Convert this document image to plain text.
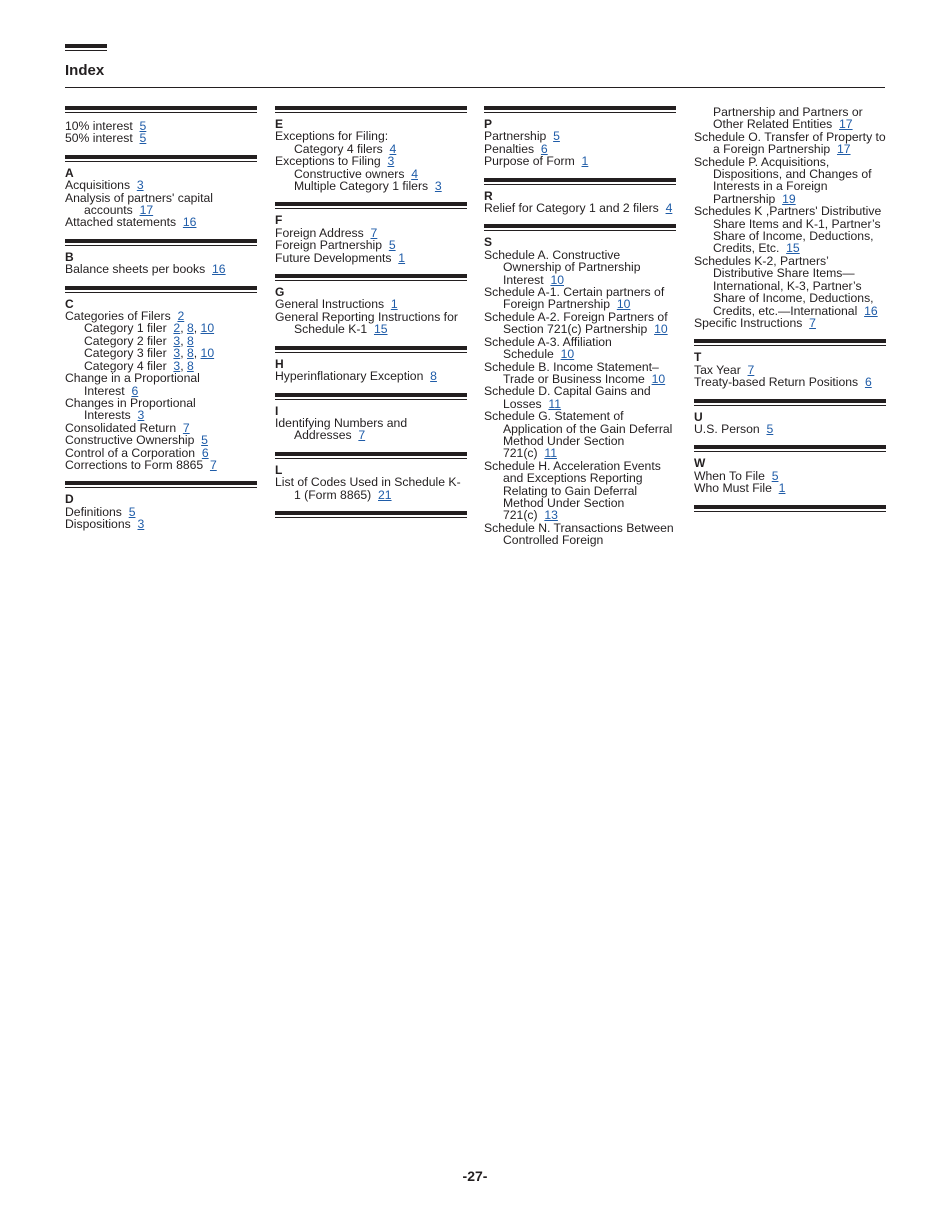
Index
10% interest 5
50% interest 5
A
Acquisitions 3
Analysis of partners' capital accounts 17
Attached statements 16
B
Balance sheets per books 16
C
Categories of Filers 2
Category 1 filer 2, 8, 10
Category 2 filer 3, 8
Category 3 filer 3, 8, 10
Category 4 filer 3, 8
Change in a Proportional Interest 6
Changes in Proportional Interests 3
Consolidated Return 7
Constructive Ownership 5
Control of a Corporation 6
Corrections to Form 8865 7
D
Definitions 5
Dispositions 3
E
Exceptions for Filing:
Category 4 filers 4
Exceptions to Filing 3
Constructive owners 4
Multiple Category 1 filers 3
F
Foreign Address 7
Foreign Partnership 5
Future Developments 1
G
General Instructions 1
General Reporting Instructions for Schedule K-1 15
H
Hyperinflationary Exception 8
I
Identifying Numbers and Addresses 7
L
List of Codes Used in Schedule K-1 (Form 8865) 21
P
Partnership 5
Penalties 6
Purpose of Form 1
R
Relief for Category 1 and 2 filers 4
S
Schedule A. Constructive Ownership of Partnership Interest 10
Schedule A-1. Certain partners of Foreign Partnership 10
Schedule A-2. Foreign Partners of Section 721(c) Partnership 10
Schedule A-3. Affiliation Schedule 10
Schedule B. Income Statement–Trade or Business Income 10
Schedule D. Capital Gains and Losses 11
Schedule G. Statement of Application of the Gain Deferral Method Under Section 721(c) 11
Schedule H. Acceleration Events and Exceptions Reporting Relating to Gain Deferral Method Under Section 721(c) 13
Schedule N. Transactions Between Controlled Foreign
Partnership and Partners or Other Related Entities 17
Schedule O. Transfer of Property to a Foreign Partnership 17
Schedule P. Acquisitions, Dispositions, and Changes of Interests in a Foreign Partnership 19
Schedules K ,Partners' Distributive Share Items and K-1, Partner’s Share of Income, Deductions, Credits, Etc. 15
Schedules K-2, Partners’ Distributive Share Items—International, K-3, Partner’s Share of Income, Deductions, Credits, etc.—International 16
Specific Instructions 7
T
Tax Year 7
Treaty-based Return Positions 6
U
U.S. Person 5
W
When To File 5
Who Must File 1
-27-
